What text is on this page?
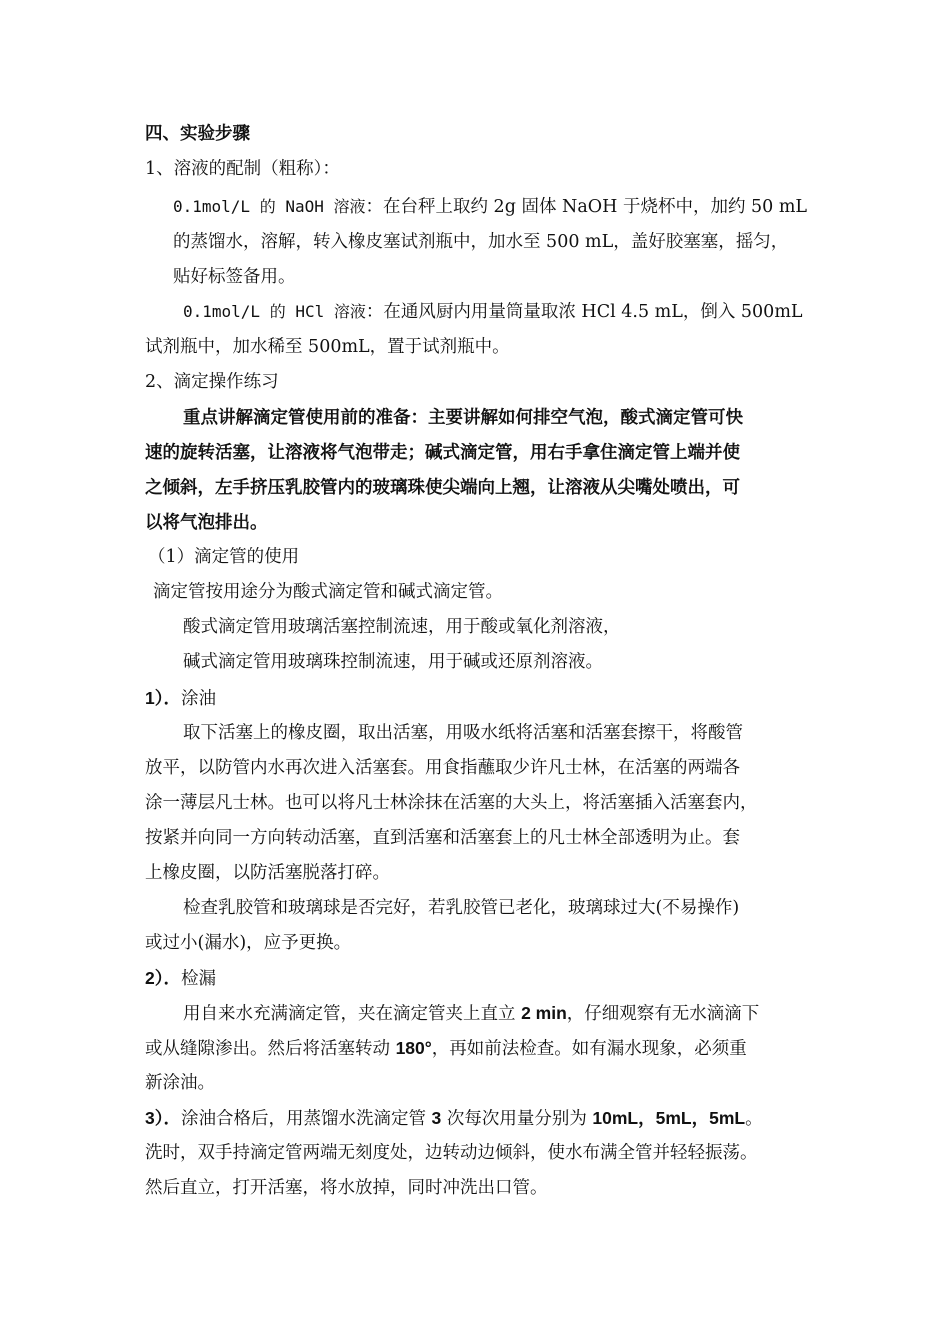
四、实验步骤
1、溶液的配制（粗称）：
0.1mol/L 的 NaOH 溶液：在台秤上取约 2g 固体 NaOH 于烧杯中，加约 50 mL
的蒸馏水，溶解，转入橡皮塞试剂瓶中，加水至 500 mL，盖好胶塞塞，摇匀，
贴好标签备用。
0.1mol/L 的 HCl 溶液：在通风厨内用量筒量取浓 HCl 4.5 mL，倒入 500mL
试剂瓶中，加水稀至 500mL，置于试剂瓶中。
2、滴定操作练习
重点讲解滴定管使用前的准备：主要讲解如何排空气泡，酸式滴定管可快
速的旋转活塞，让溶液将气泡带走；碱式滴定管，用右手拿住滴定管上端并使
之倾斜，左手挤压乳胶管内的玻璃珠使尖端向上翘，让溶液从尖嘴处喷出，可
以将气泡排出。
（1）滴定管的使用
滴定管按用途分为酸式滴定管和碱式滴定管。
酸式滴定管用玻璃活塞控制流速，用于酸或氧化剂溶液，
碱式滴定管用玻璃珠控制流速，用于碱或还原剂溶液。
1）．涂油
取下活塞上的橡皮圈，取出活塞，用吸水纸将活塞和活塞套擦干，将酸管
放平，以防管内水再次进入活塞套。用食指蘸取少许凡士林，在活塞的两端各
涂一薄层凡士林。也可以将凡士林涂抹在活塞的大头上，将活塞插入活塞套内，
按紧并向同一方向转动活塞，直到活塞和活塞套上的凡士林全部透明为止。套
上橡皮圈，以防活塞脱落打碎。
检查乳胶管和玻璃球是否完好，若乳胶管已老化，玻璃球过大(不易操作)
或过小(漏水)，应予更换。
2）．检漏
用自来水充满滴定管，夹在滴定管夹上直立 2 min，仔细观察有无水滴滴下
或从缝隙渗出。然后将活塞转动 180°，再如前法检查。如有漏水现象，必须重
新涂油。
3）．涂油合格后，用蒸馏水洗滴定管 3 次每次用量分别为 10mL，5mL，5mL。
洗时，双手持滴定管两端无刻度处，边转动边倾斜，使水布满全管并轻轻振荡。
然后直立，打开活塞，将水放掉，同时冲洗出口管。
